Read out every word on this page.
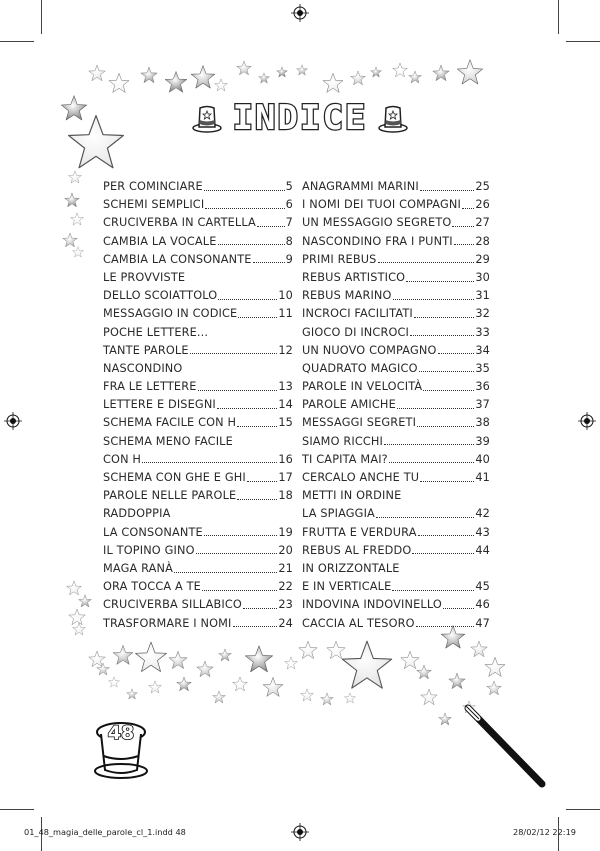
INDICE
PER COMINCIARE	5
SCHEMI SEMPLICI	6
CRUCIVERBA IN CARTELLA	7
CAMBIA LA VOCALE	8
CAMBIA LA CONSONANTE	9
LE PROVVISTE
DELLO SCOIATTOLO	10
MESSAGGIO IN CODICE	11
POCHE LETTERE...
TANTE PAROLE	12
NASCONDINO
FRA LE LETTERE	13
LETTERE E DISEGNI	14
SCHEMA FACILE CON H	15
SCHEMA MENO FACILE
CON H	16
SCHEMA CON GHE E GHI	17
PAROLE NELLE PAROLE	18
RADDOPPIA
LA CONSONANTE	19
IL TOPINO GINO	20
MAGA RANÀ	21
ORA TOCCA A TE	22
CRUCIVERBA SILLABICO	23
TRASFORMARE I NOMI	24
ANAGRAMMI MARINI	25
I NOMI DEI TUOI COMPAGNI 26
UN MESSAGGIO SEGRETO 27
NASCONDINO FRA I PUNTI 28
PRIMI REBUS	29
REBUS ARTISTICO	30
REBUS MARINO	31
INCROCI FACILITATI	32
GIOCO DI INCROCI	33
UN NUOVO COMPAGNO	34
QUADRATO MAGICO	35
PAROLE IN VELOCITÀ	36
PAROLE AMICHE	37
MESSAGGI SEGRETI	38
SIAMO RICCHI	39
TI CAPITA MAI?	40
CERCALO ANCHE TU	41
METTI IN ORDINE
LA SPIAGGIA	42
FRUTTA E VERDURA	43
REBUS AL FREDDO	44
IN ORIZZONTALE
E IN VERTICALE	45
INDOVINA INDOVINELLO	46
CACCIA AL TESORO	47
48
01_48_magia_delle_parole_cl_1.indd 48	28/02/12 22:19
